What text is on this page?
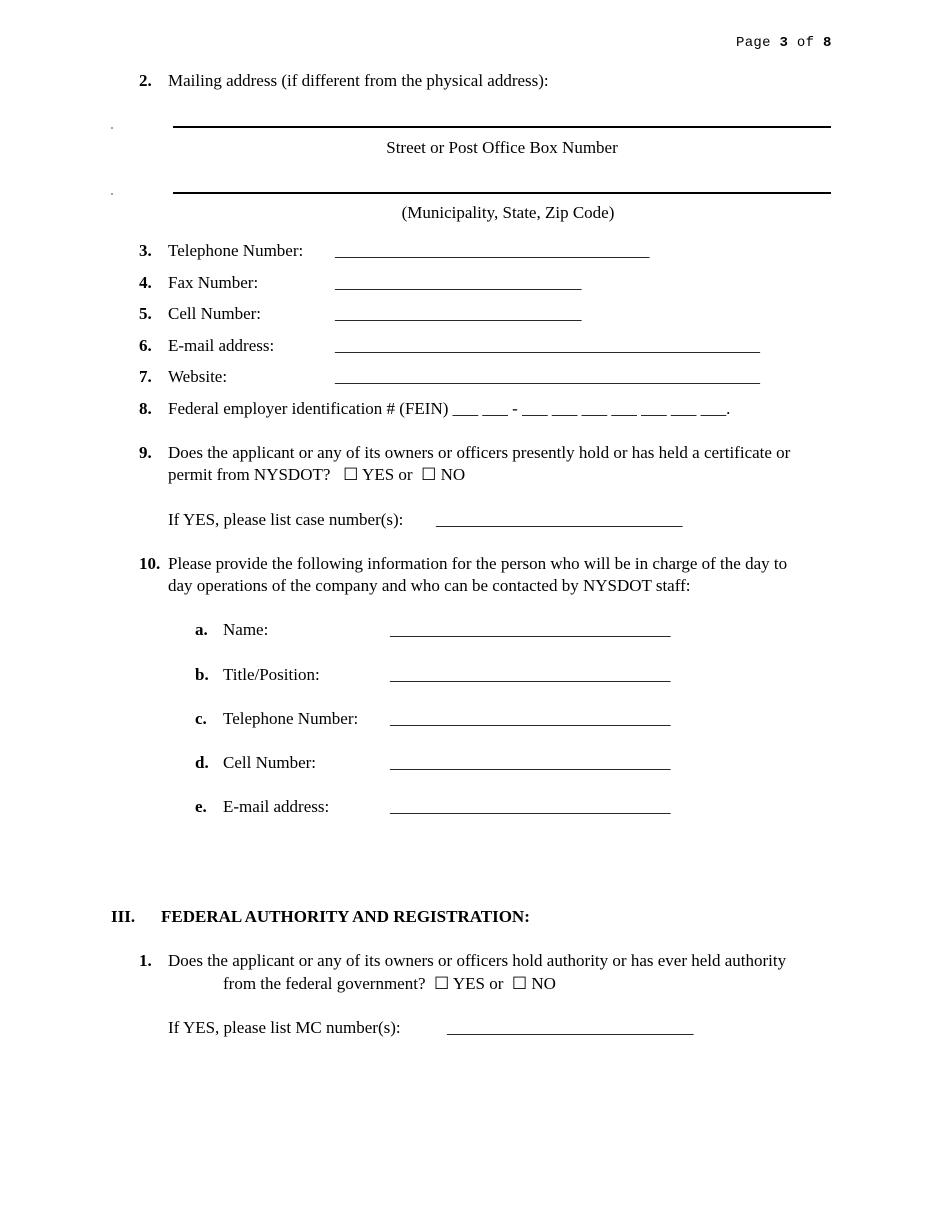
Page 3 of 8
2. Mailing address (if different from the physical address):
Street or Post Office Box Number
(Municipality, State, Zip Code)
3. Telephone Number: _____________________________________
4. Fax Number:	_____________________________
5. Cell Number:	_____________________________
6. E-mail address:	__________________________________________________
7. Website:	__________________________________________________
8. Federal employer identification # (FEIN) ___ ___ - ___ ___ ___ ___ ___ ___ ___.
9. Does the applicant or any of its owners or officers presently hold or has held a certificate or
permit from NYSDOT? ☐ YES or ☐ NO
If YES, please list case number(s): _____________________________
10. Please provide the following information for the person who will be in charge of the day to
day operations of the company and who can be contacted by NYSDOT staff:
a. Name:	_________________________________
b. Title/Position:	_________________________________
c. Telephone Number: _________________________________
d. Cell Number:	_________________________________
e. E-mail address:	_________________________________
III. FEDERAL AUTHORITY AND REGISTRATION:
1. Does the applicant or any of its owners or officers hold authority or has ever held authority
from the federal government? ☐ YES or ☐ NO
If YES, please list MC number(s):	_____________________________
